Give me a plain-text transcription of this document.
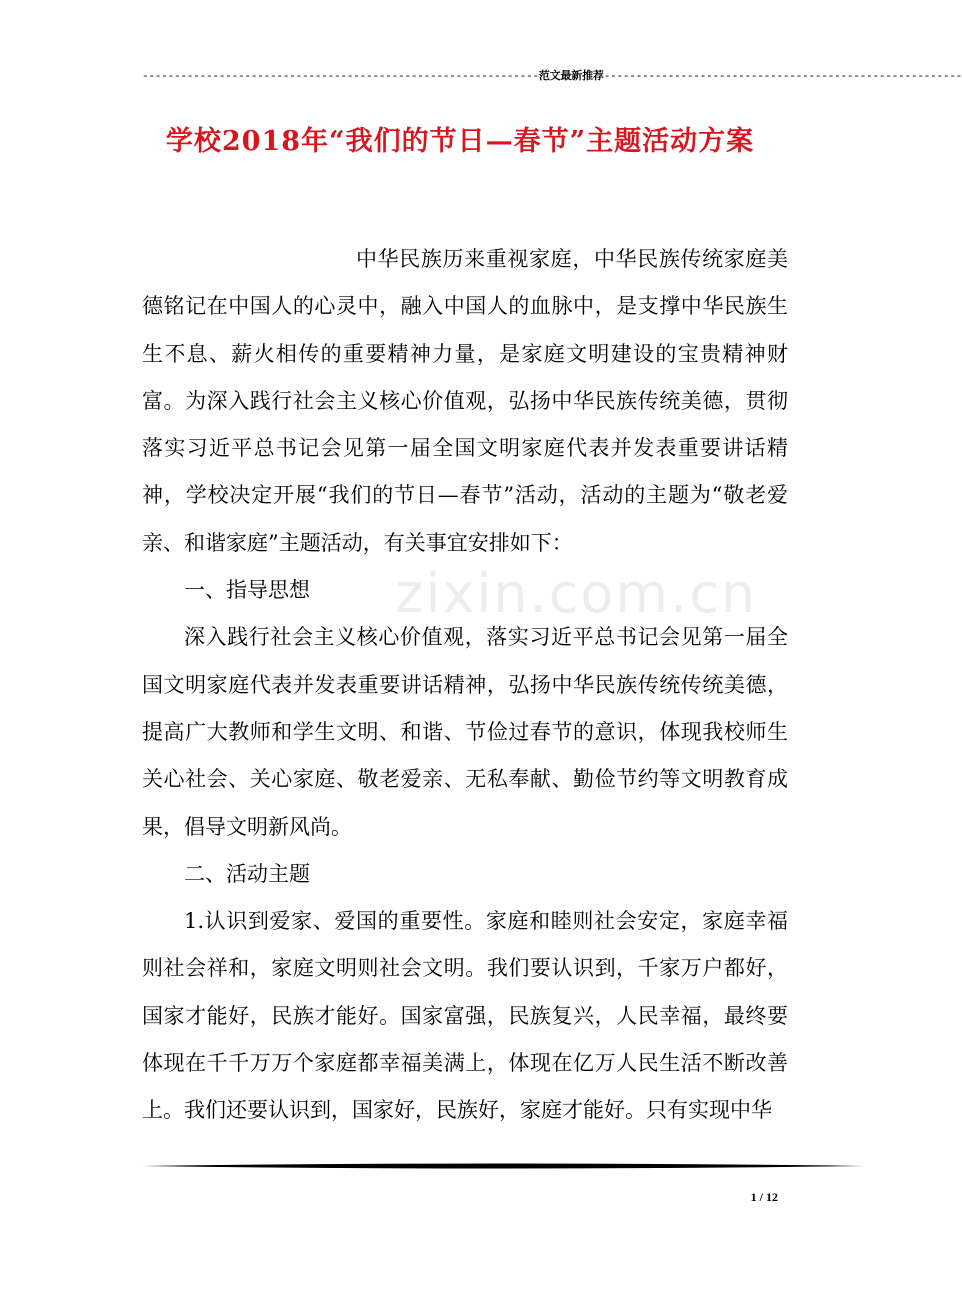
--------------------------------------------------------------范文最新推荐--------------------------------------------------------
学校2018年“我们的节日—春节”主题活动方案
zixin.com.cn

中华民族历来重视家庭，中华民族传统家庭美德铭记在中国人的心灵中，融入中国人的血脉中，是支撑中华民族生生不息、薪火相传的重要精神力量，是家庭文明建设的宝贵精神财富。为深入践行社会主义核心价值观，弘扬中华民族传统美德，贯彻落实习近平总书记会见第一届全国文明家庭代表并发表重要讲话精神，学校决定开展“我们的节日—春节”活动，活动的主题为“敬老爱亲、和谐家庭”主题活动，有关事宜安排如下：

一、指导思想

深入践行社会主义核心价值观，落实习近平总书记会见第一届全国文明家庭代表并发表重要讲话精神，弘扬中华民族传统传统美德，提高广大教师和学生文明、和谐、节俭过春节的意识，体现我校师生关心社会、关心家庭、敬老爱亲、无私奉献、勤俭节约等文明教育成果，倡导文明新风尚。

二、活动主题

1.认识到爱家、爱国的重要性。家庭和睦则社会安定，家庭幸福则社会祥和，家庭文明则社会文明。我们要认识到，千家万户都好，国家才能好，民族才能好。国家富强，民族复兴，人民幸福，最终要体现在千千万万个家庭都幸福美满上，体现在亿万人民生活不断改善上。我们还要认识到，国家好，民族好，家庭才能好。只有实现中华

1 / 12
